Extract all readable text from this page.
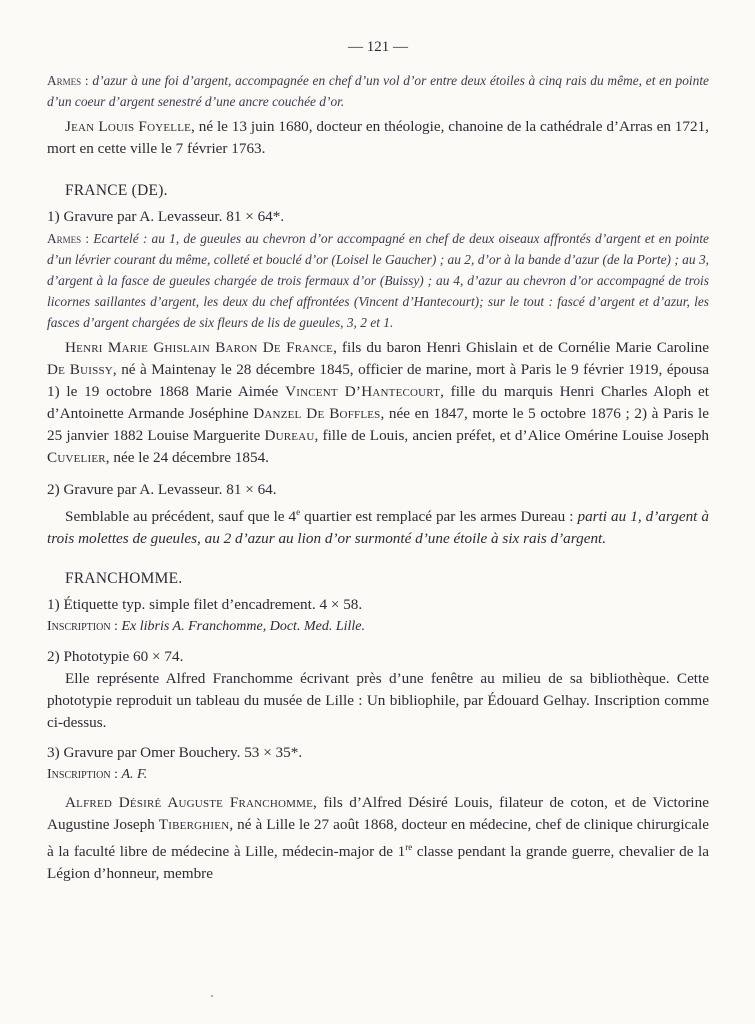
— 121 —

Armes : d’azur à une foi d’argent, accompagnée en chef d’un vol d’or entre deux étoiles à cinq rais du même, et en pointe d’un coeur d’argent senestré d’une ancre couchée d’or.

Jean Louis Foyelle, né le 13 juin 1680, docteur en théologie, chanoine de la cathédrale d’Arras en 1721, mort en cette ville le 7 février 1763.

FRANCE (DE).

1) Gravure par A. Levasseur. 81 × 64*.

Armes : Ecartelé : au 1, de gueules au chevron d’or accompagné en chef de deux oiseaux affrontés d’argent et en pointe d’un lévrier courant du même, colleté et bouclé d’or (Loisel le Gaucher) ; au 2, d’or à la bande d’azur (de la Porte) ; au 3, d’argent à la fasce de gueules chargée de trois fermaux d’or (Buissy) ; au 4, d’azur au chevron d’or accompagné de trois licornes saillantes d’argent, les deux du chef affrontées (Vincent d’Hantecourt); sur le tout : fascé d’argent et d’azur, les fasces d’argent chargées de six fleurs de lis de gueules, 3, 2 et 1.

Henri Marie Ghislain Baron De France, fils du baron Henri Ghislain et de Cornélie Marie Caroline De Buissy, né à Maintenay le 28 décembre 1845, officier de marine, mort à Paris le 9 février 1919, épousa 1) le 19 octobre 1868 Marie Aimée Vincent D’Hantecourt, fille du marquis Henri Charles Aloph et d’Antoinette Armande Joséphine Danzel De Boffles, née en 1847, morte le 5 octobre 1876 ; 2) à Paris le 25 janvier 1882 Louise Marguerite Dureau, fille de Louis, ancien préfet, et d’Alice Omérine Louise Joseph Cuvelier, née le 24 décembre 1854.

2) Gravure par A. Levasseur. 81 × 64.

Semblable au précédent, sauf que le 4e quartier est remplacé par les armes Dureau : parti au 1, d’argent à trois molettes de gueules, au 2 d’azur au lion d’or surmonté d’une étoile à six rais d’argent.

FRANCHOMME.

1) Étiquette typ. simple filet d’encadrement. 4 × 58.

Inscription : Ex libris A. Franchomme, Doct. Med. Lille.

2) Phototypie 60 × 74.

Elle représente Alfred Franchomme écrivant près d’une fenêtre au milieu de sa bibliothèque. Cette phototypie reproduit un tableau du musée de Lille : Un bibliophile, par Édouard Gelhay. Inscription comme ci-dessus.

3) Gravure par Omer Bouchery. 53 × 35*.

Inscription : A. F.

Alfred Désiré Auguste Franchomme, fils d’Alfred Désiré Louis, filateur de coton, et de Victorine Augustine Joseph Tiberghien, né à Lille le 27 août 1868, docteur en médecine, chef de clinique chirurgicale à la faculté libre de médecine à Lille, médecin-major de 1re classe pendant la grande guerre, chevalier de la Légion d’honneur, membre
